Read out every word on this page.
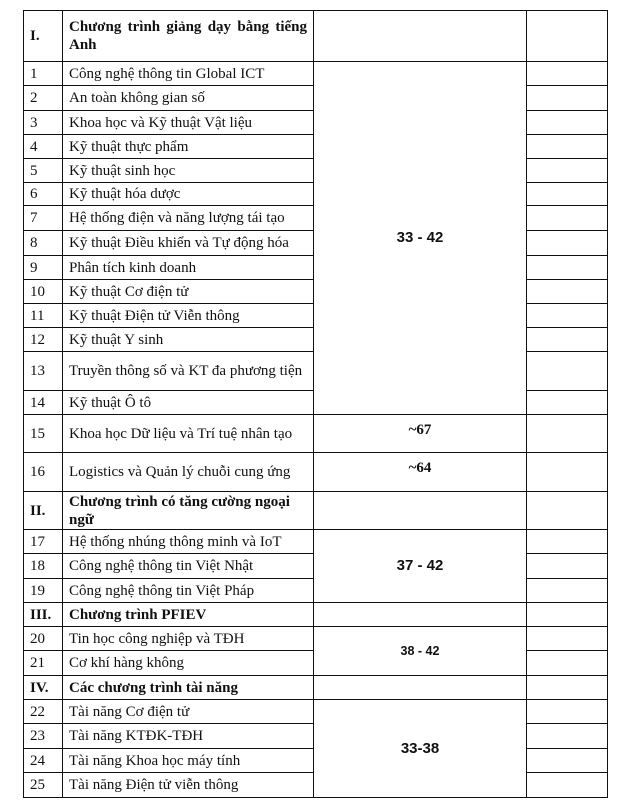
I.	Chương trình giảng dạy bằng tiếng Anh		
1	Công nghệ thông tin Global ICT	33 - 42	
2	An toàn không gian số		
3	Khoa học và Kỹ thuật Vật liệu		
4	Kỹ thuật thực phẩm		
5	Kỹ thuật sinh học		
6	Kỹ thuật hóa dược		
7	Hệ thống điện và năng lượng tái tạo		
8	Kỹ thuật Điều khiển và Tự động hóa		
9	Phân tích kinh doanh		
10	Kỹ thuật Cơ điện tử		
11	Kỹ thuật Điện tử Viễn thông		
12	Kỹ thuật Y sinh		
13	Truyền thông số và KT đa phương tiện		
14	Kỹ thuật Ô tô		
15	Khoa học Dữ liệu và Trí tuệ nhân tạo	~67	
16	Logistics và Quản lý chuỗi cung ứng	~64	
II.	Chương trình có tăng cường ngoại ngữ		
17	Hệ thống nhúng thông minh và IoT	37 - 42	
18	Công nghệ thông tin Việt Nhật		
19	Công nghệ thông tin Việt Pháp		
III.	Chương trình PFIEV		
20	Tin học công nghiệp và TĐH	38 - 42	
21	Cơ khí hàng không		
IV.	Các chương trình tài năng		
22	Tài năng Cơ điện tử	33-38	
23	Tài năng KTĐK-TĐH		
24	Tài năng Khoa học máy tính		
25	Tài năng Điện tử viễn thông		
